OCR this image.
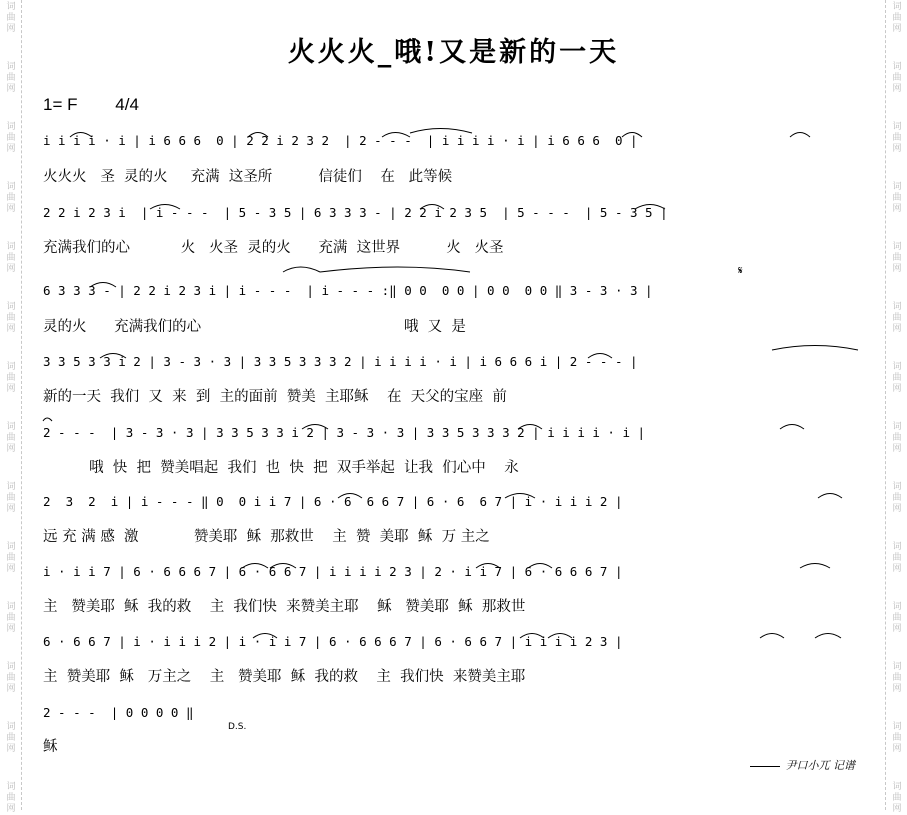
词
曲
网
词
曲
网
词
曲
网
词
曲
网
词
曲
网
词
曲
网
词
曲
网
词
曲
网
词
曲
网
词
曲
网
词
曲
网
词
曲
网
词
曲
网
词
曲
网
词
曲
网
词
曲
网
词
曲
网
词
曲
网
词
曲
网
词
曲
网
词
曲
网
词
曲
网
词
曲
网
词
曲
网
词
曲
网
词
曲
网
词
曲
网
词
曲
网
火火火_哦!又是新的一天
1= F 4/4
i i i i · i | i 6 6 6  0 | 2 2 i 2 3 2  | 2 - - -  | i i i i · i | i 6 6 6  0 |
火火火   圣  灵的火     充满  这圣所          信徒们    在   此等候
2 2 i 2 3 i  | i - - -  | 5 - 3 5 | 6 3 3 3 - | 2 2 i 2 3 5  | 5 - - -  | 5 - 3 5 |
充满我们的心           火   火圣  灵的火      充满  这世界          火   火圣
6 3 3 3 - | 2 2 i 2 3 i | i - - -  | i - - - :‖ 0 0  0 0 | 0 0  0 0 ‖ 3 - 3 · 3 |
灵的火      充满我们的心                                            哦  又  是
3 3 5 3 3 i 2 | 3 - 3 · 3 | 3 3 5 3 3 3 2 | i i i i · i | i 6 6 6 i | 2 - - - |
新的一天  我们  又  来  到  主的面前  赞美  主耶稣    在  天父的宝座  前
2 - - -  | 3 - 3 · 3 | 3 3 5 3 3 i 2 | 3 - 3 · 3 | 3 3 5 3 3 3 2 | i i i i · i |
哦  快  把  赞美唱起  我们  也  快  把  双手举起  让我  们心中    永
2  3  2  i | i - - - ‖ 0  0 i i 7 | 6 · 6  6 6 7 | 6 · 6  6 7 | i · i i i 2 |
远 充 满 感  激            赞美耶  稣  那救世    主  赞  美耶  稣  万 主之
i · i i 7 | 6 · 6 6 6 7 | 6 · 6 6 7 | i i i i 2 3 | 2 · i i 7 | 6 · 6 6 6 7 |
主   赞美耶  稣  我的救    主  我们快  来赞美主耶    稣   赞美耶  稣  那救世
6 · 6 6 7 | i · i i i 2 | i · i i 7 | 6 · 6 6 6 7 | 6 · 6 6 7 | i i i i 2 3 |
主  赞美耶  稣   万主之    主   赞美耶  稣  我的救    主  我们快  来赞美主耶
2 - - -  | 0 0 0 0 ‖
稣
𝄋
D.S.
尹口小兀 记谱
